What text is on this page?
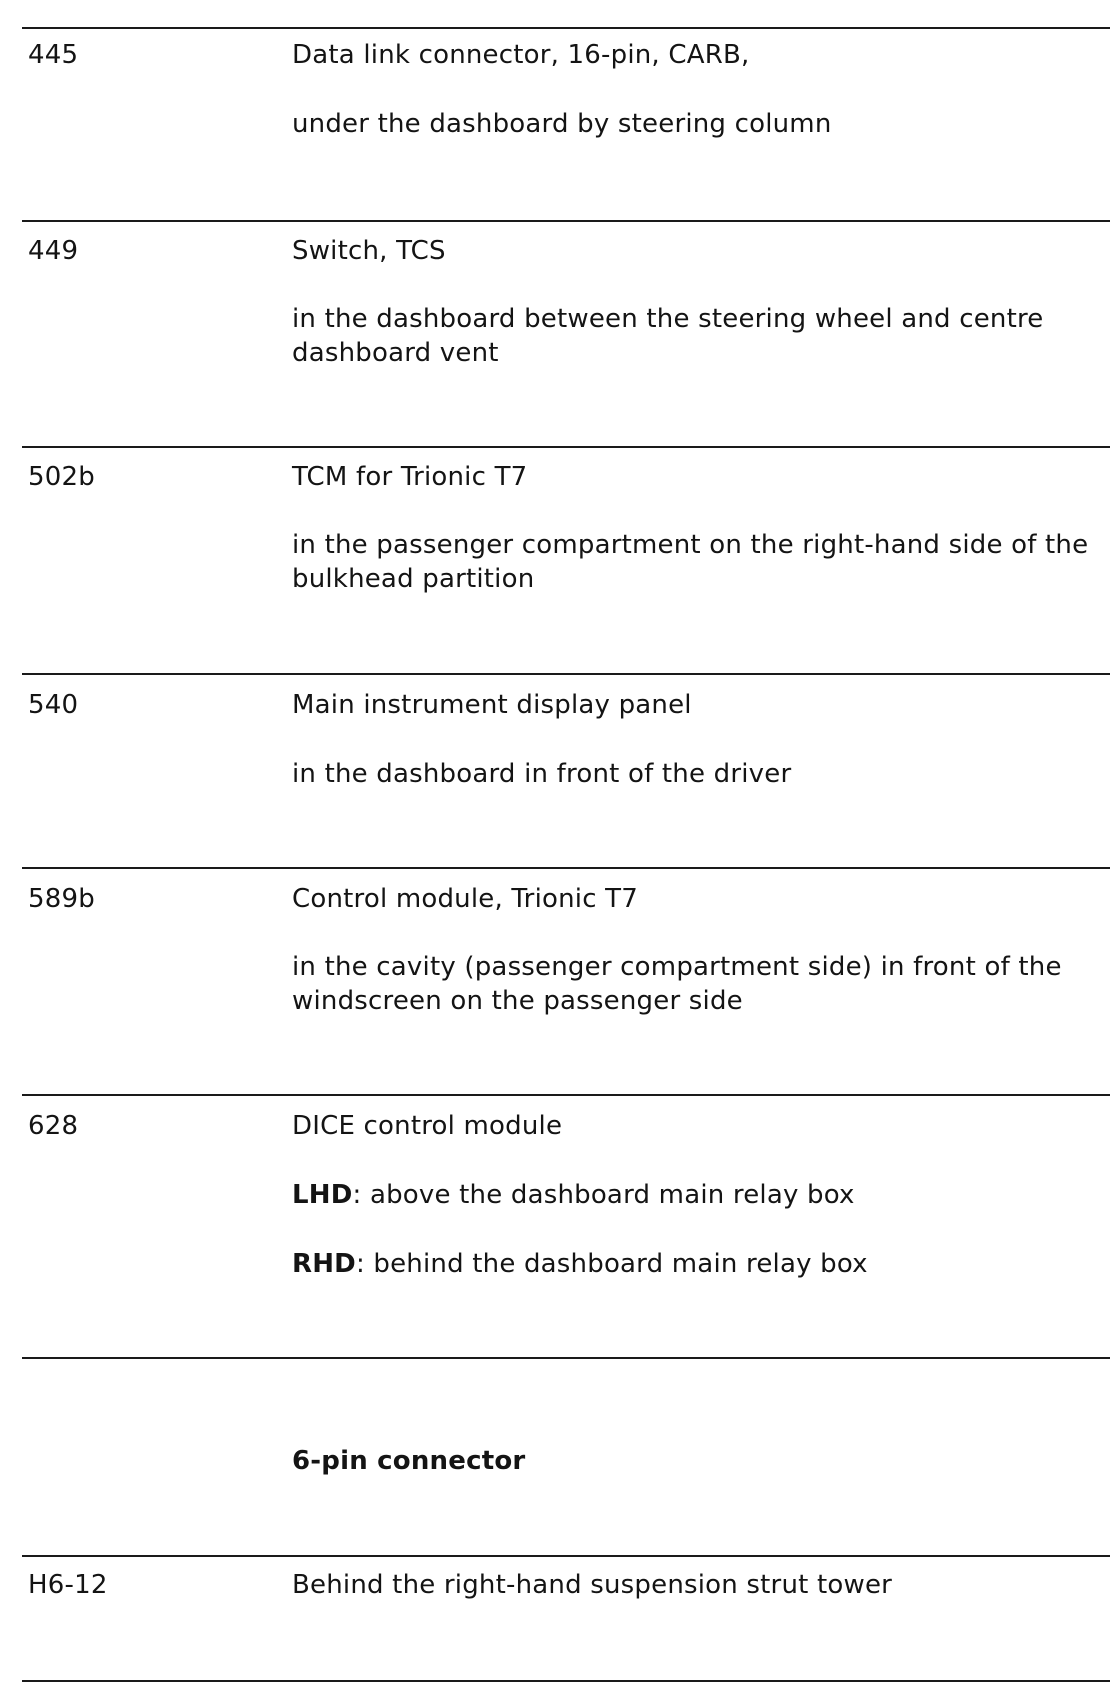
445	Data link connector, 16-pin, CARB,
under the dashboard by steering column
449	Switch, TCS
in the dashboard between the steering wheel and centre dashboard vent
502b	TCM for Trionic T7
in the passenger compartment on the right-hand side of the bulkhead partition
540	Main instrument display panel
in the dashboard in front of the driver
589b	Control module, Trionic T7
in the cavity (passenger compartment side) in front of the windscreen on the passenger side
628	DICE control module
LHD: above the dashboard main relay box
RHD: behind the dashboard main relay box
6-pin connector
H6-12	Behind the right-hand suspension strut tower
